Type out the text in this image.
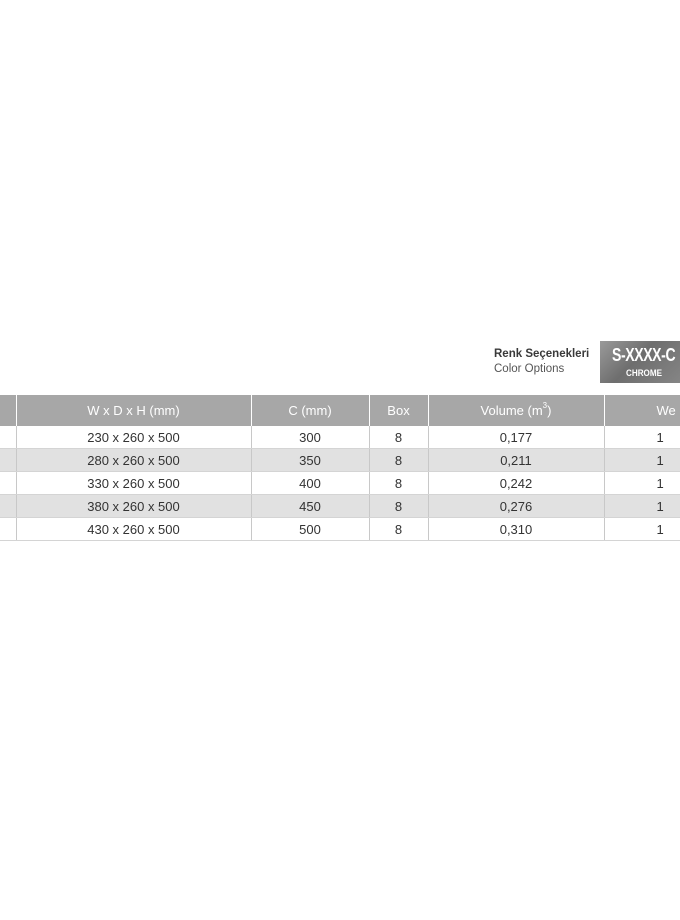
Renk Seçenekleri
Color Options
S-XXXX-C
CHROME
	W x D x H (mm)	C (mm)	Box	Volume $(m^3)$	We
	230 x 260 x 500	300	8	0,177	1
	280 x 260 x 500	350	8	0,211	1
	330 x 260 x 500	400	8	0,242	1
	380 x 260 x 500	450	8	0,276	1
	430 x 260 x 500	500	8	0,310	1
